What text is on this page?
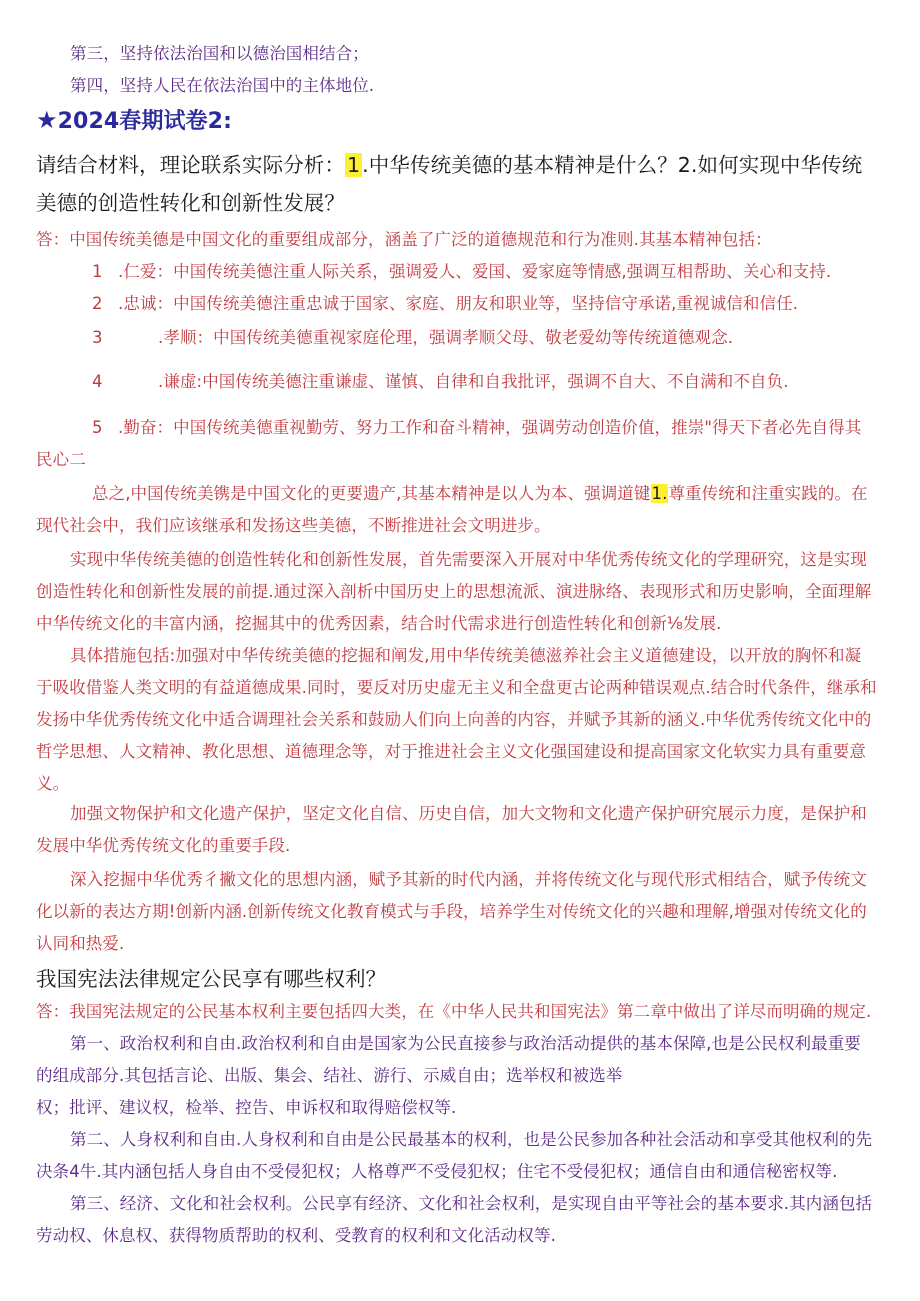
第三，坚持依法治国和以德治国相结合；
第四，坚持人民在依法治国中的主体地位.
★2024春期试卷2:
请结合材料，理论联系实际分析：1.中华传统美德的基本精神是什么？2.如何实现中华传统
美德的创造性转化和创新性发展？
答：中国传统美德是中国文化的重要组成部分，涵盖了广泛的道德规范和行为准则.其基本精神包括：
1 .仁爱：中国传统美德注重人际关系，强调爱人、爱国、爱家庭等情感,强调互相帮助、关心和支持.
2 .忠诚：中国传统美德注重忠诚于国家、家庭、朋友和职业等，坚持信守承诺,重视诚信和信任.
3	.孝顺：中国传统美德重视家庭伦理，强调孝顺父母、敬老爱幼等传统道德观念.
4	.谦虚:中国传统美德注重谦虚、谨慎、自律和自我批评，强调不自大、不自满和不自负.
5 .勤奋：中国传统美德重视勤劳、努力工作和奋斗精神，强调劳动创造价值，推崇"得天下者必先自得其
民心二
总之,中国传统美镌是中国文化的更要遗产,其基本精神是以人为本、强调道键1.尊重传统和注重实践的。在
现代社会中，我们应该继承和发扬这些美德，不断推进社会文明进步。
实现中华传统美德的创造性转化和创新性发展，首先需要深入开展对中华优秀传统文化的学理研究，这是实现
创造性转化和创新性发展的前提.通过深入剖析中国历史上的思想流派、演进脉络、表现形式和历史影响，全面理解
中华传统文化的丰富内涵，挖掘其中的优秀因素，结合时代需求进行创造性转化和创新⅛发展.
具体措施包括:加强对中华传统美德的挖掘和阐发,用中华传统美德滋养社会主义道德建设，以开放的胸怀和凝
于吸收借鉴人类文明的有益道德成果.同时，要反对历史虚无主义和全盘更古论两种错误观点.结合时代条件，继承和
发扬中华优秀传统文化中适合调理社会关系和鼓励人们向上向善的内容，并赋予其新的涵义.中华优秀传统文化中的
哲学思想、人文精神、教化思想、道德理念等，对于推进社会主义文化强国建设和提高国家文化软实力具有重要意
义。
加强文物保护和文化遗产保护，坚定文化自信、历史自信，加大文物和文化遗产保护研究展示力度，是保护和
发展中华优秀传统文化的重要手段.
深入挖掘中华优秀彳撇文化的思想内涵，赋予其新的时代内涵，并将传统文化与现代形式相结合，赋予传统文
化以新的表达方期!创新内涵.创新传统文化教育模式与手段，培养学生对传统文化的兴趣和理解,增强对传统文化的
认同和热爱.
我国宪法法律规定公民享有哪些权利？
答：我国宪法规定的公民基本权利主要包括四大类，在《中华人民共和国宪法》第二章中做出了详尽而明确的规定.
第一、政治权利和自由.政治权利和自由是国家为公民直接参与政治活动提供的基本保障,也是公民权利最重要
的组成部分.其包括言论、出版、集会、结社、游行、示威自由；选举权和被选举
权；批评、建议权，检举、控告、申诉权和取得赔偿权等.
第二、人身权利和自由.人身权利和自由是公民最基本的权利，也是公民参加各种社会活动和享受其他权利的先
决条4牛.其内涵包括人身自由不受侵犯权；人格尊严不受侵犯权；住宅不受侵犯权；通信自由和通信秘密权等.
第三、经济、文化和社会权利。公民享有经济、文化和社会权利，是实现自由平等社会的基本要求.其内涵包括
劳动权、休息权、获得物质帮助的权利、受教育的权利和文化活动权等.
